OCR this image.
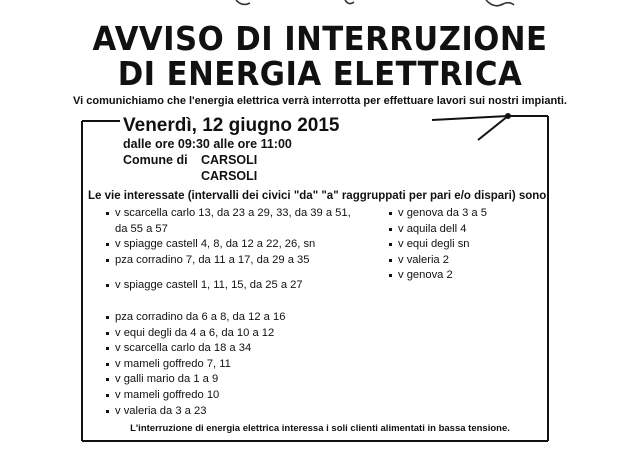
AVVISO DI INTERRUZIONE
DI ENERGIA ELETTRICA
Vi comunichiamo che l'energia elettrica verrà interrotta per effettuare lavori sui nostri impianti.
Venerdì, 12 giugno 2015
dalle ore 09:30 alle ore 11:00
Comune di CARSOLI
CARSOLI
Le vie interessate (intervalli dei civici "da" "a" raggruppati per pari e/o dispari) sono:
v scarcella carlo 13, da 23 a 29, 33, da 39 a 51, da 55 a 57
v spiagge castell 4, 8, da 12 a 22, 26, sn
pza corradino 7, da 11 a 17, da 29 a 35
v spiagge castell 1, 11, 15, da 25 a 27
pza corradino da 6 a 8, da 12 a 16
v equi degli da 4 a 6, da 10 a 12
v scarcella carlo da 18 a 34
v mameli goffredo 7, 11
v galli mario da 1 a 9
v mameli goffredo 10
v valeria da 3 a 23
v genova da 3 a 5
v aquila dell 4
v equi degli sn
v valeria 2
v genova 2
L'interruzione di energia elettrica interessa i soli clienti alimentati in bassa tensione.
